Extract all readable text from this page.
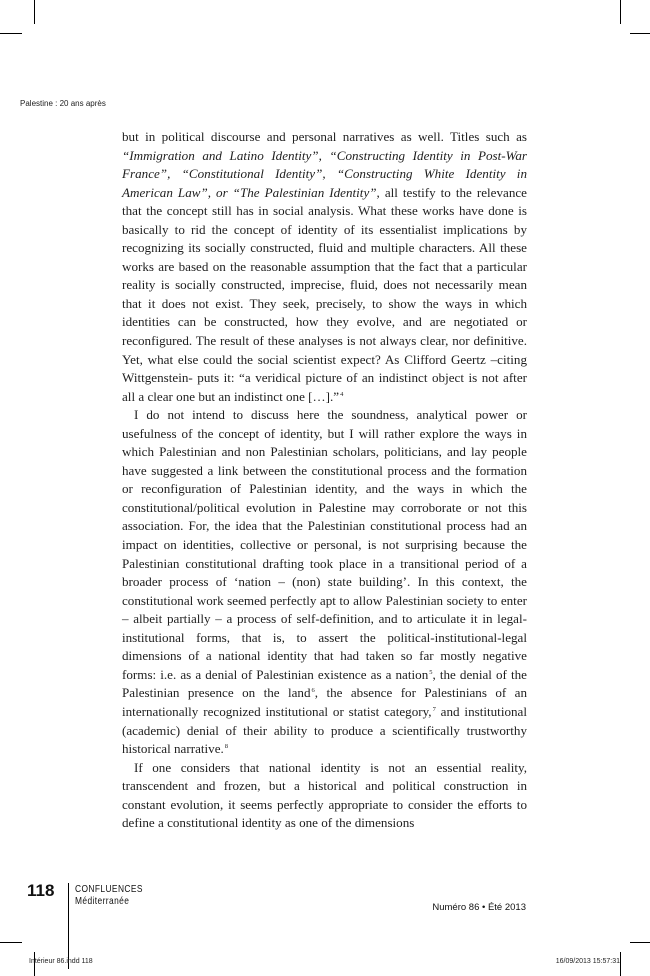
Palestine : 20 ans après

but in political discourse and personal narratives as well. Titles such as “Immigration and Latino Identity”, “Constructing Identity in Post-War France”, “Constitutional Identity”, “Constructing White Identity in American Law”, or “The Palestinian Identity”, all testify to the relevance that the concept still has in social analysis. What these works have done is basically to rid the concept of identity of its essentialist implications by recognizing its socially constructed, fluid and multiple characters. All these works are based on the reasonable assumption that the fact that a particular reality is socially constructed, imprecise, fluid, does not necessarily mean that it does not exist. They seek, precisely, to show the ways in which identities can be constructed, how they evolve, and are negotiated or reconfigured. The result of these analyses is not always clear, nor definitive. Yet, what else could the social scientist expect? As Clifford Geertz –citing Wittgenstein- puts it: “a veridical picture of an indistinct object is not after all a clear one but an indistinct one […].”$^4$

I do not intend to discuss here the soundness, analytical power or usefulness of the concept of identity, but I will rather explore the ways in which Palestinian and non Palestinian scholars, politicians, and lay people have suggested a link between the constitutional process and the formation or reconfiguration of Palestinian identity, and the ways in which the constitutional/political evolution in Palestine may corroborate or not this association. For, the idea that the Palestinian constitutional process had an impact on identities, collective or personal, is not surprising because the Palestinian constitutional drafting took place in a transitional period of a broader process of ‘nation – (non) state building’. In this context, the constitutional work seemed perfectly apt to allow Palestinian society to enter – albeit partially – a process of self-definition, and to articulate it in legal-institutional forms, that is, to assert the political-institutional-legal dimensions of a national identity that had taken so far mostly negative forms: i.e. as a denial of Palestinian existence as a nation$^5$, the denial of the Palestinian presence on the land$^6$, the absence for Palestinians of an internationally recognized institutional or statist category,$^7$ and institutional (academic) denial of their ability to produce a scientifically trustworthy historical narrative.$^8$

If one considers that national identity is not an essential reality, transcendent and frozen, but a historical and political construction in constant evolution, it seems perfectly appropriate to consider the efforts to define a constitutional identity as one of the dimensions

118 CONFLUENCES
Méditerranée
Numéro 86 • Été 2013
Intérieur 86.indd 118	16/09/2013 15:57:31
